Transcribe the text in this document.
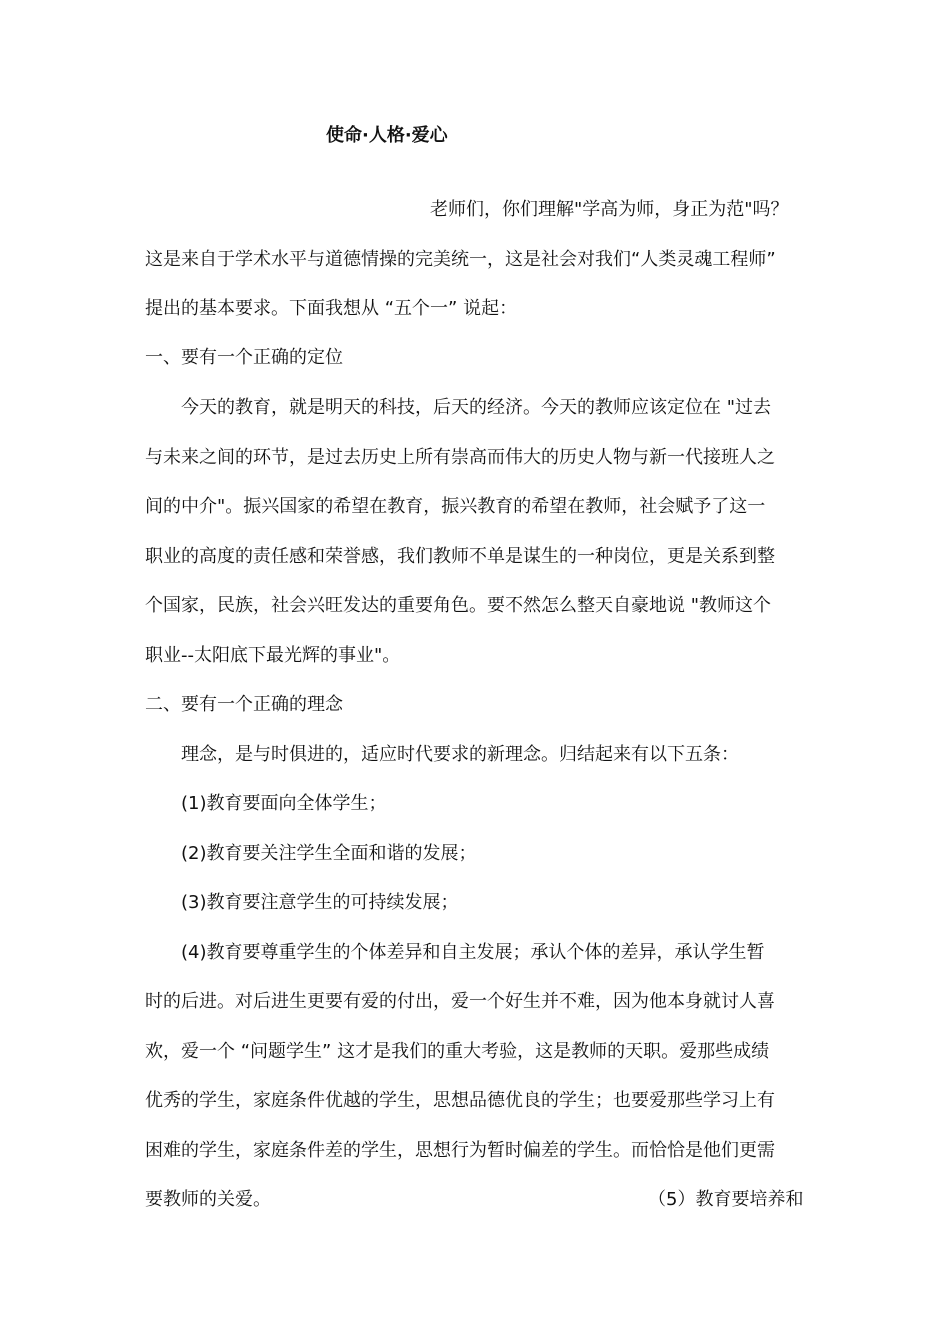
使命·人格·爱心
老师们，你们理解"学高为师，身正为范"吗？
这是来自于学术水平与道德情操的完美统一，这是社会对我们“人类灵魂工程师”
提出的基本要求。下面我想从 “五个一” 说起：
一、要有一个正确的定位
今天的教育，就是明天的科技，后天的经济。今天的教师应该定位在 "过去
与未来之间的环节，是过去历史上所有崇高而伟大的历史人物与新一代接班人之
间的中介"。振兴国家的希望在教育，振兴教育的希望在教师，社会赋予了这一
职业的高度的责任感和荣誉感，我们教师不单是谋生的一种岗位，更是关系到整
个国家，民族，社会兴旺发达的重要角色。要不然怎么整天自豪地说 "教师这个
职业--太阳底下最光辉的事业"。
二、要有一个正确的理念
理念，是与时俱进的，适应时代要求的新理念。归结起来有以下五条：
(1)教育要面向全体学生；
(2)教育要关注学生全面和谐的发展；
(3)教育要注意学生的可持续发展；
(4)教育要尊重学生的个体差异和自主发展；承认个体的差异，承认学生暂
时的后进。对后进生更要有爱的付出，爱一个好生并不难，因为他本身就讨人喜
欢，爱一个 “问题学生” 这才是我们的重大考验，这是教师的天职。爱那些成绩
优秀的学生，家庭条件优越的学生，思想品德优良的学生；也要爱那些学习上有
困难的学生，家庭条件差的学生，思想行为暂时偏差的学生。而恰恰是他们更需
要教师的关爱。	（5）教育要培养和
